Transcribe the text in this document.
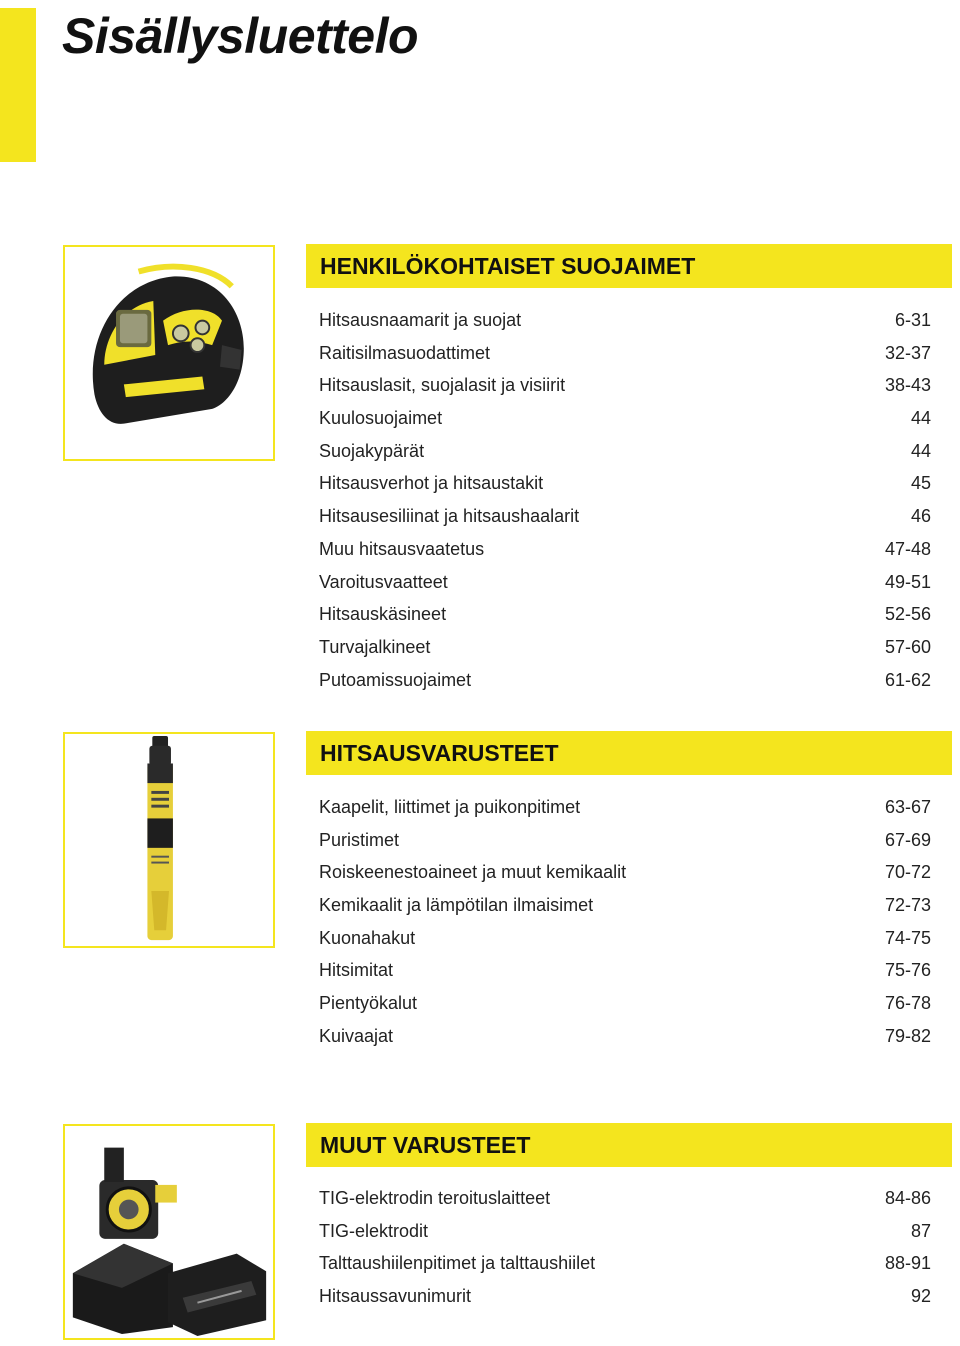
Sisällysluettelo
HENKILÖKOHTAISET SUOJAIMET
Hitsausnaamarit ja suojat	6-31
Raitisilmasuodattimet	32-37
Hitsauslasit, suojalasit ja visiirit	38-43
Kuulosuojaimet	44
Suojakypärät	44
Hitsausverhot ja hitsaustakit	45
Hitsausesiliinat ja hitsaushaalarit	46
Muu hitsausvaatetus	47-48
Varoitusvaatteet	49-51
Hitsauskäsineet	52-56
Turvajalkineet	57-60
Putoamissuojaimet	61-62
HITSAUSVARUSTEET
Kaapelit, liittimet ja puikonpitimet	63-67
Puristimet	67-69
Roiskeenestoaineet ja muut kemikaalit	70-72
Kemikaalit ja lämpötilan ilmaisimet	72-73
Kuonahakut	74-75
Hitsimitat	75-76
Pientyökalut	76-78
Kuivaajat	79-82
MUUT VARUSTEET
TIG-elektrodin teroituslaitteet	84-86
TIG-elektrodit	87
Talttaushiilenpitimet ja talttaushiilet	88-91
Hitsaussavunimurit	92
